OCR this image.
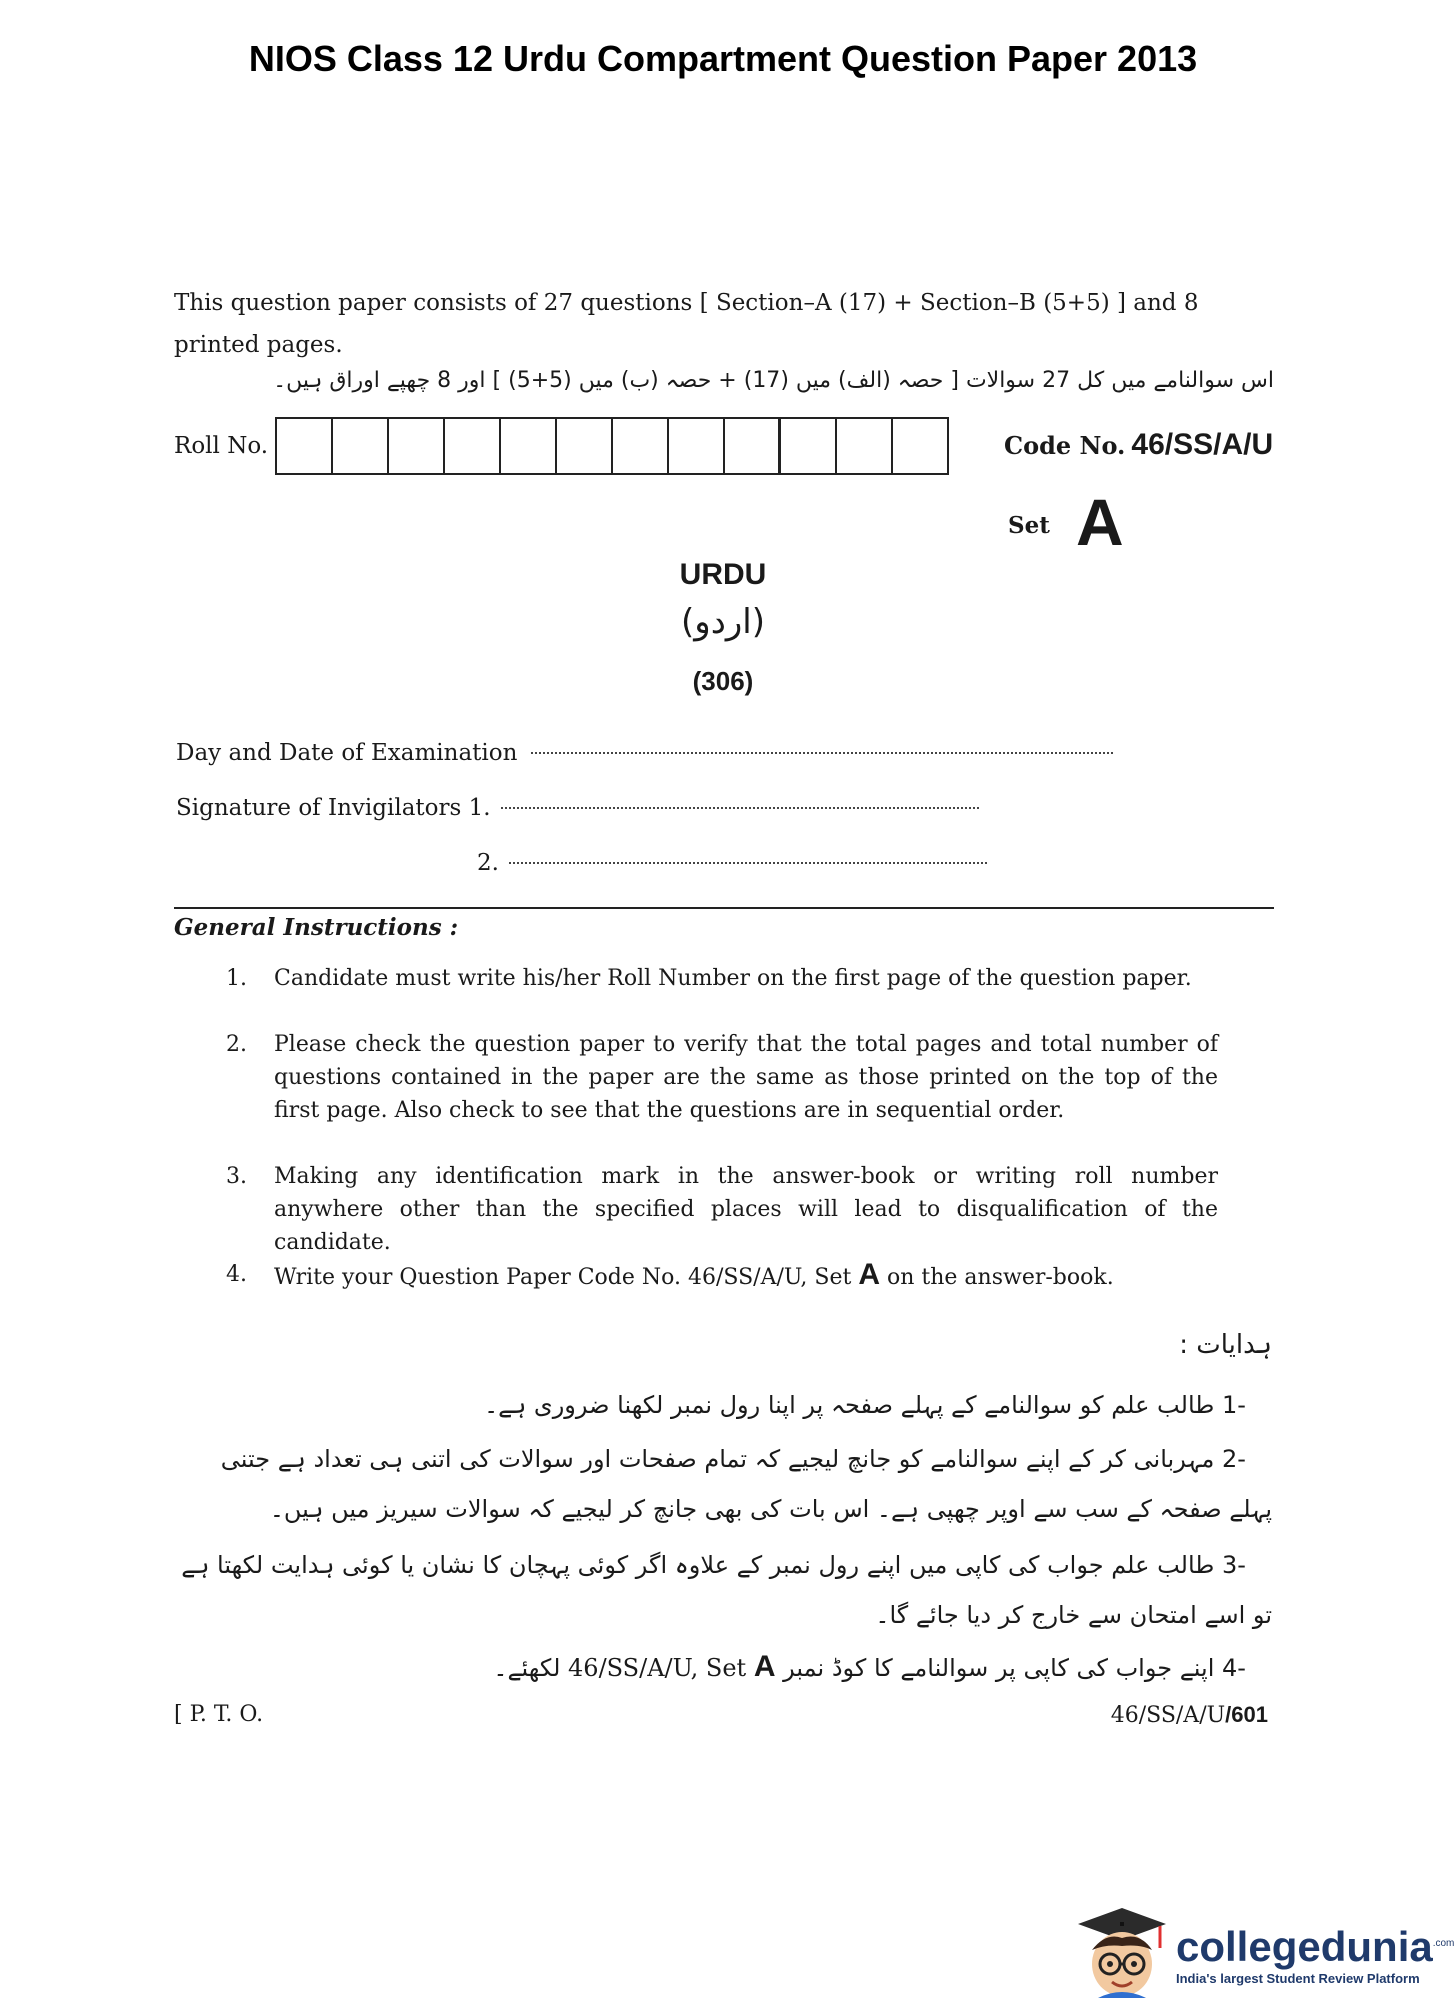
NIOS Class 12 Urdu Compartment Question Paper 2013
This question paper consists of 27 questions [ Section–A (17) + Section–B (5+5) ] and 8 printed pages.
اس سوالنامے میں کل 27 سوالات [ حصہ (الف) میں (17) + حصہ (ب) میں (5+5) ] اور 8 چھپے اوراق ہیں۔
Roll No.	Code No. 46/SS/A/U
Set A
URDU
(اردو)
(306)
Day and Date of Examination
Signature of Invigilators 1.
2.
General Instructions :
1.	Candidate must write his/her Roll Number on the first page of the question paper.
2.	Please check the question paper to verify that the total pages and total number of questions contained in the paper are the same as those printed on the top of the first page. Also check to see that the questions are in sequential order.
3.	Making any identification mark in the answer-book or writing roll number anywhere other than the specified places will lead to disqualification of the candidate.
4.	Write your Question Paper Code No. 46/SS/A/U, Set A on the answer-book.
ہدایات :
-1 طالب علم کو سوالنامے کے پہلے صفحہ پر اپنا رول نمبر لکھنا ضروری ہے۔
-2 مہربانی کر کے اپنے سوالنامے کو جانچ لیجیے کہ تمام صفحات اور سوالات کی اتنی ہی تعداد ہے جتنی پہلے صفحہ کے سب سے اوپر چھپی ہے۔ اس بات کی بھی جانچ کر لیجیے کہ سوالات سیریز میں ہیں۔
-3 طالب علم جواب کی کاپی میں اپنے رول نمبر کے علاوہ اگر کوئی پہچان کا نشان یا کوئی ہدایت لکھتا ہے تو اسے امتحان سے خارج کر دیا جائے گا۔
-4 اپنے جواب کی کاپی پر سوالنامے کا کوڈ نمبر 46/SS/A/U, Set A لکھئے۔
[ P. T. O.	46/SS/A/U/601
collegedunia$^{.com}$
India's largest Student Review Platform
